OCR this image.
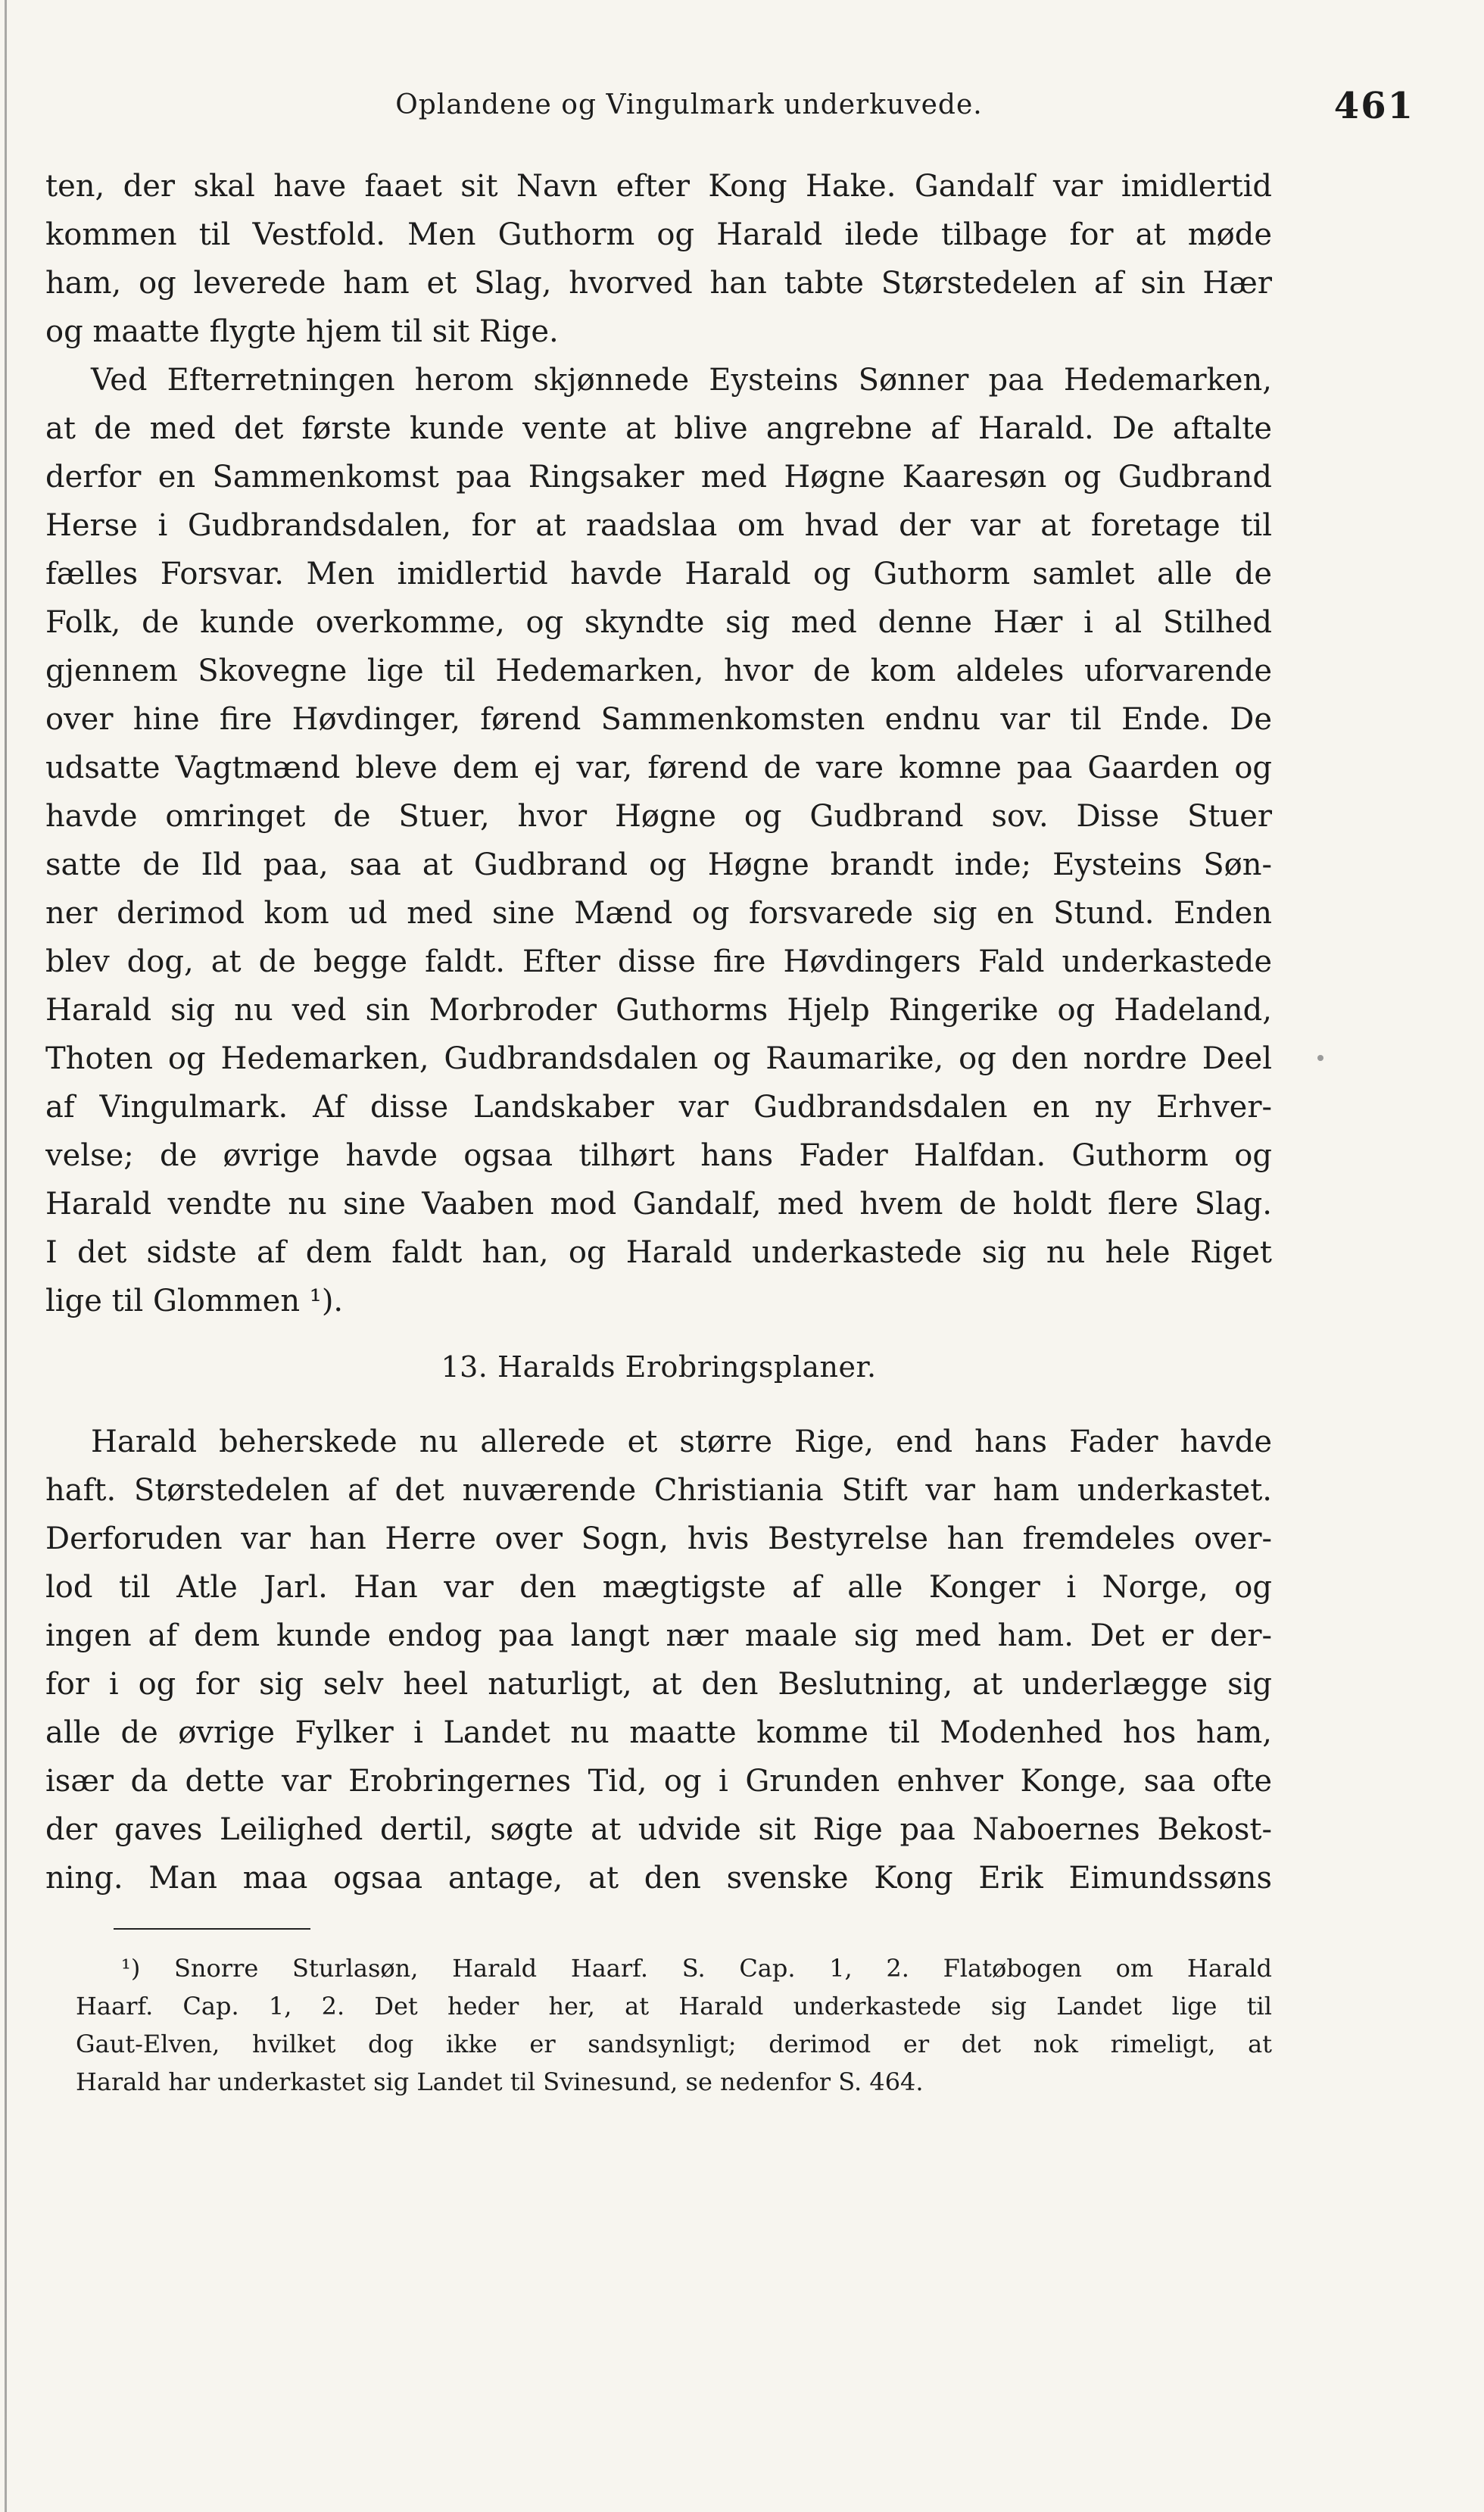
Oplandene og Vingulmark underkuvede.	461
ten, der skal have faaet sit Navn efter Kong Hake. Gandalf var imidlertid
kommen til Vestfold. Men Guthorm og Harald ilede tilbage for at møde
ham, og leverede ham et Slag, hvorved han tabte Størstedelen af sin Hær
og maatte flygte hjem til sit Rige.
Ved Efterretningen herom skjønnede Eysteins Sønner paa Hedemarken,
at de med det første kunde vente at blive angrebne af Harald. De aftalte
derfor en Sammenkomst paa Ringsaker med Høgne Kaaresøn og Gudbrand
Herse i Gudbrandsdalen, for at raadslaa om hvad der var at foretage til
fælles Forsvar. Men imidlertid havde Harald og Guthorm samlet alle de
Folk, de kunde overkomme, og skyndte sig med denne Hær i al Stilhed
gjennem Skovegne lige til Hedemarken, hvor de kom aldeles uforvarende
over hine fire Høvdinger, førend Sammenkomsten endnu var til Ende. De
udsatte Vagtmænd bleve dem ej var, førend de vare komne paa Gaarden og
havde omringet de Stuer, hvor Høgne og Gudbrand sov. Disse Stuer
satte de Ild paa, saa at Gudbrand og Høgne brandt inde; Eysteins Søn-
ner derimod kom ud med sine Mænd og forsvarede sig en Stund. Enden
blev dog, at de begge faldt. Efter disse fire Høvdingers Fald underkastede
Harald sig nu ved sin Morbroder Guthorms Hjelp Ringerike og Hadeland,
Thoten og Hedemarken, Gudbrandsdalen og Raumarike, og den nordre Deel
af Vingulmark. Af disse Landskaber var Gudbrandsdalen en ny Erhver-
velse; de øvrige havde ogsaa tilhørt hans Fader Halfdan. Guthorm og
Harald vendte nu sine Vaaben mod Gandalf, med hvem de holdt flere Slag.
I det sidste af dem faldt han, og Harald underkastede sig nu hele Riget
lige til Glommen ¹).
13. Haralds Erobringsplaner.
Harald beherskede nu allerede et større Rige, end hans Fader havde
haft. Størstedelen af det nuværende Christiania Stift var ham underkastet.
Derforuden var han Herre over Sogn, hvis Bestyrelse han fremdeles over-
lod til Atle Jarl. Han var den mægtigste af alle Konger i Norge, og
ingen af dem kunde endog paa langt nær maale sig med ham. Det er der-
for i og for sig selv heel naturligt, at den Beslutning, at underlægge sig
alle de øvrige Fylker i Landet nu maatte komme til Modenhed hos ham,
især da dette var Erobringernes Tid, og i Grunden enhver Konge, saa ofte
der gaves Leilighed dertil, søgte at udvide sit Rige paa Naboernes Bekost-
ning. Man maa ogsaa antage, at den svenske Kong Erik Eimundssøns
¹) Snorre Sturlasøn, Harald Haarf. S. Cap. 1, 2. Flatøbogen om Harald
Haarf. Cap. 1, 2. Det heder her, at Harald underkastede sig Landet lige til
Gaut-Elven, hvilket dog ikke er sandsynligt; derimod er det nok rimeligt, at
Harald har underkastet sig Landet til Svinesund, se nedenfor S. 464.
